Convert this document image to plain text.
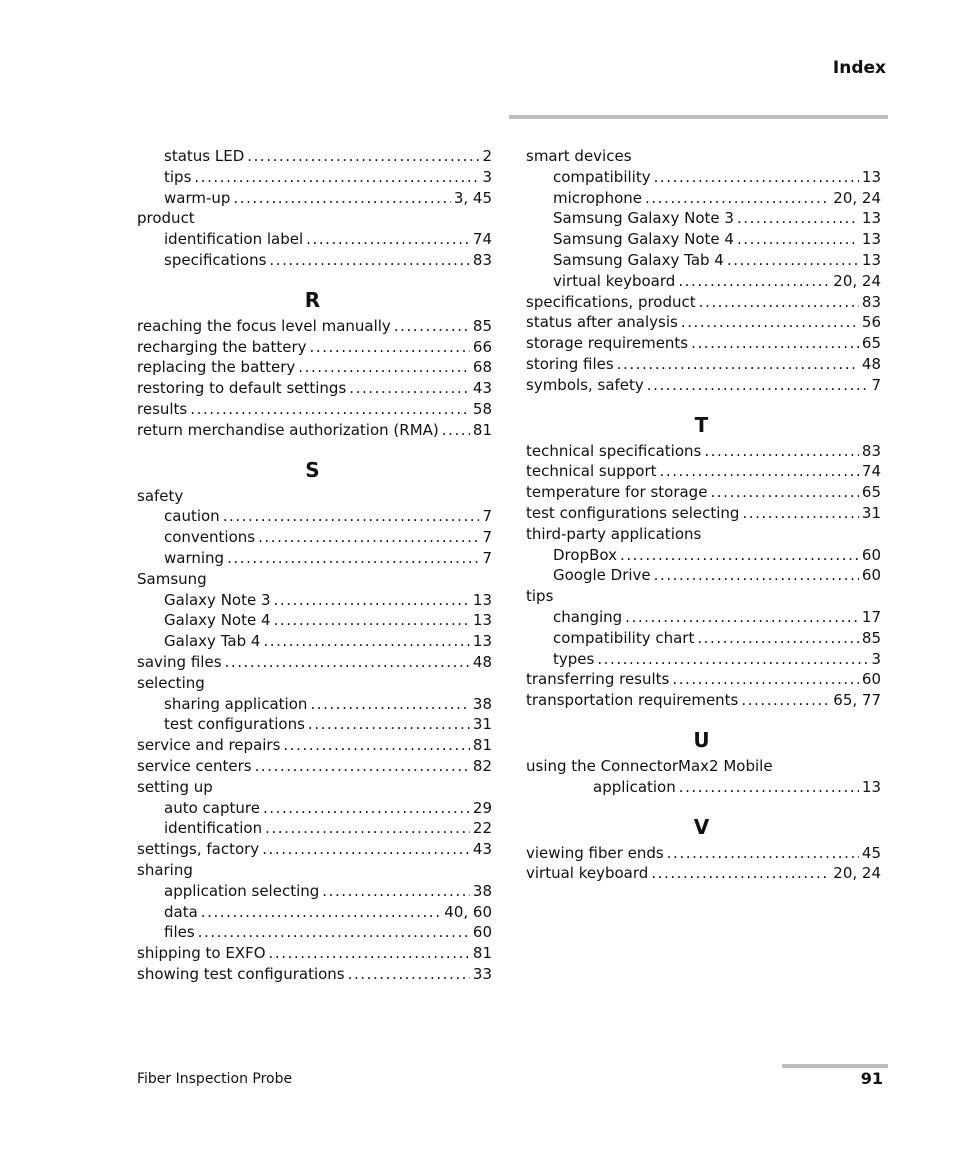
Index
status LED . . .	2
tips . . .	3
warm-up . . .	3, 45
product
identification label . . .	74
specifications . . .	83
R
reaching the focus level manually . . .	85
recharging the battery . . .	66
replacing the battery . . .	68
restoring to default settings . . .	43
results . . .	58
return merchandise authorization (RMA) . . . 81
S
safety
caution . . .	7
conventions . . .	7
warning . . .	7
Samsung
Galaxy Note 3 . . .	13
Galaxy Note 4 . . .	13
Galaxy Tab 4 . . .	13
saving files . . .	48
selecting
sharing application . . .	38
test configurations . . .	31
service and repairs . . .	81
service centers . . .	82
setting up
auto capture . . .	29
identification . . .	22
settings, factory . . .	43
sharing
application selecting . . .	38
data . . .	40, 60
files . . .	60
shipping to EXFO . . .	81
showing test configurations . . .	33
smart devices
compatibility . . .	13
microphone . . .	20, 24
Samsung Galaxy Note 3 . . .	13
Samsung Galaxy Note 4 . . .	13
Samsung Galaxy Tab 4 . . .	13
virtual keyboard . . .	20, 24
specifications, product . . .	83
status after analysis . . .	56
storage requirements . . .	65
storing files . . .	48
symbols, safety . . .	7
T
technical specifications . . .	83
technical support . . .	74
temperature for storage . . .	65
test configurations selecting . . .	31
third-party applications
DropBox . . .	60
Google Drive . . .	60
tips
changing . . .	17
compatibility chart . . .	85
types . . .	3
transferring results . . .	60
transportation requirements . . .	65, 77
U
using the ConnectorMax2 Mobile
application . . .	13
V
viewing fiber ends . . .	45
virtual keyboard . . .	20, 24
Fiber Inspection Probe	91
